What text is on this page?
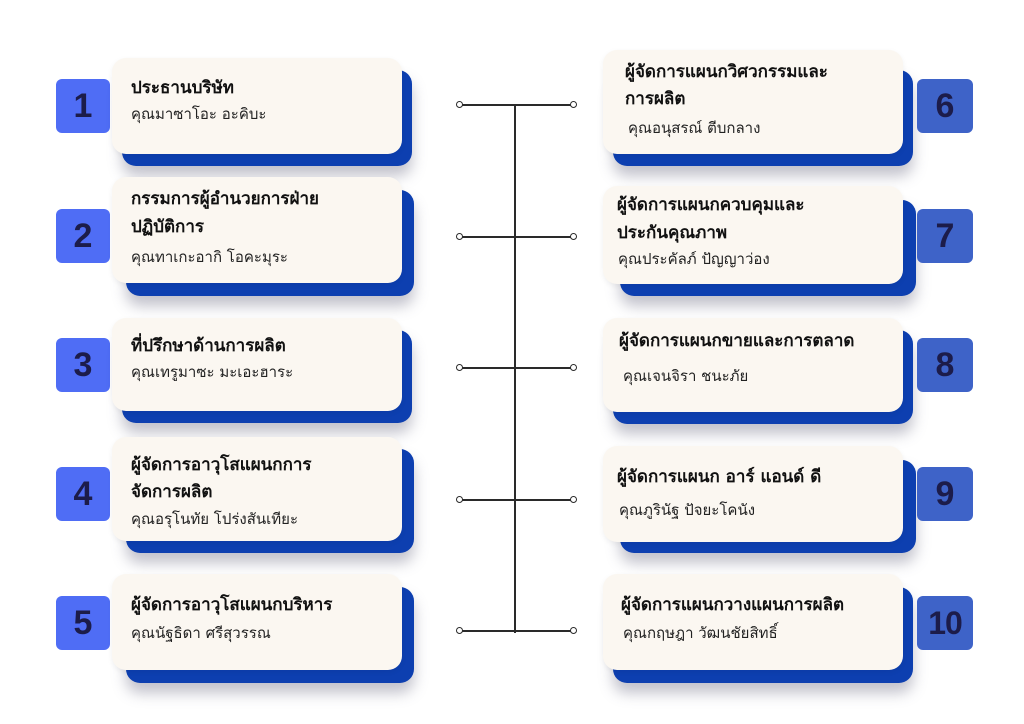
1	ประธานบริษัท
คุณมาซาโอะ อะคิบะ
2
กรรมการผู้อำนวยการฝ่าย
ปฏิบัติการ
คุณทาเกะอากิ โอคะมุระ
3	ที่ปรึกษาด้านการผลิต
คุณเทรูมาซะ มะเอะฮาระ
4
ผู้จัดการอาวุโสแผนกการ
จัดการผลิต
คุณอรุโนทัย โปร่งสันเทียะ
5	ผู้จัดการอาวุโสแผนกบริหาร
คุณนัฐธิดา ศรีสุวรรณ
ผู้จัดการแผนกวิศวกรรมและ
การผลิต
คุณอนุสรณ์ ตีบกลาง
6
ผู้จัดการแผนกควบคุมและ
ประกันคุณภาพ
คุณประคัลภ์ ปัญญาว่อง
7
ผู้จัดการแผนกขายและการตลาด
คุณเจนจิรา ชนะภัย	8
ผู้จัดการแผนก อาร์ แอนด์ ดี
คุณภูรินัฐ ปัจยะโคนัง	9
ผู้จัดการแผนกวางแผนการผลิต
คุณกฤษฎา วัฒนชัยสิทธิ์	10
